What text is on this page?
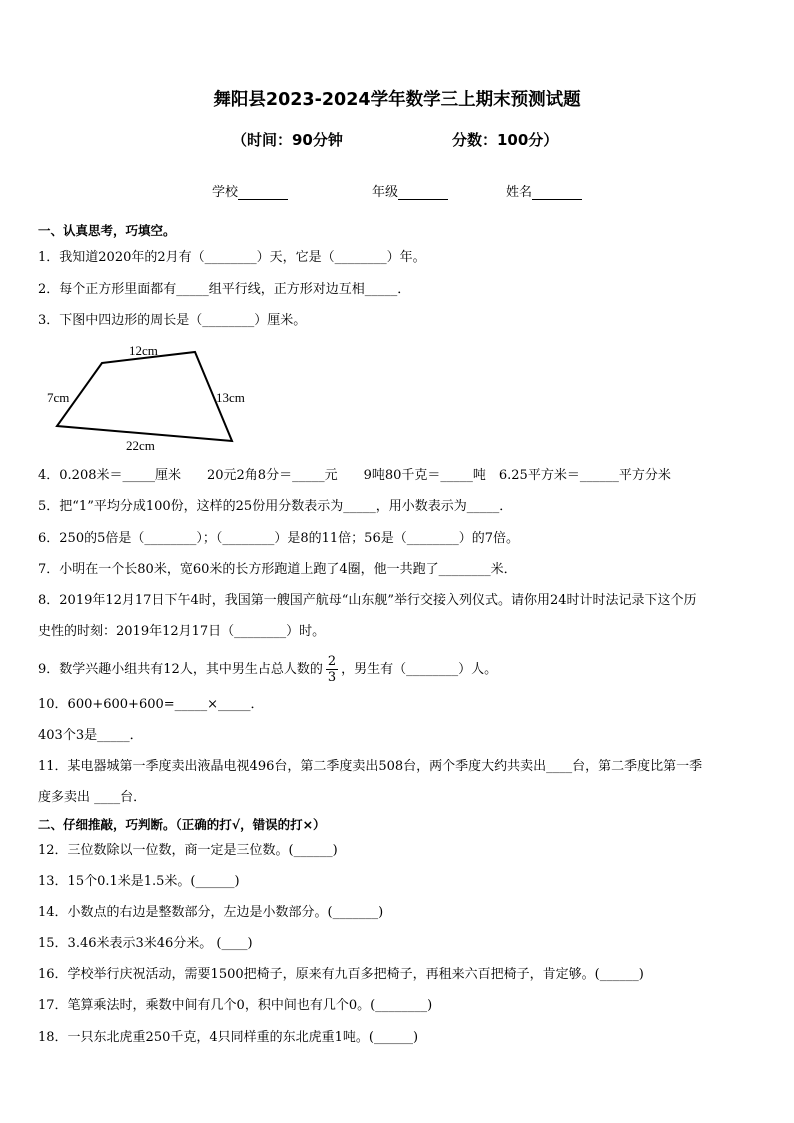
舞阳县2023-2024学年数学三上期末预测试题
（时间：90分钟	分数：100分）
学校	年级	姓名
一、认真思考，巧填空。
1．我知道2020年的2月有（________）天，它是（________）年。
2．每个正方形里面都有_____组平行线，正方形对边互相_____．
3．下图中四边形的周长是（________）厘米。
12cm
7cm	13cm
22cm
4．0.208米＝_____厘米　　20元2角8分＝_____元　　9吨80千克＝_____吨　6.25平方米＝______平方分米
5．把“1”平均分成100份，这样的25份用分数表示为_____，用小数表示为_____．
6．250的5倍是（________）；（________）是8的11倍；56是（________）的7倍。
7．小明在一个长80米，宽60米的长方形跑道上跑了4圈，他一共跑了________米．
8．2019年12月17日下午4时，我国第一艘国产航母“山东舰”举行交接入列仪式。请你用24时计时法记录下这个历
史性的时刻：2019年12月17日（________）时。
9．数学兴趣小组共有12人，其中男生占总人数的 $\frac{2}{3}$ ，男生有（________）人。
10．600+600+600=_____×_____．
403个3是_____．
11．某电器城第一季度卖出液晶电视496台，第二季度卖出508台，两个季度大约共卖出____台，第二季度比第一季
度多卖出 ____台．
二、仔细推敲，巧判断。（正确的打√，错误的打×）
12．三位数除以一位数，商一定是三位数。(______)
13．15个0.1米是1.5米。(______)
14．小数点的右边是整数部分，左边是小数部分。(_______)
15．3.46米表示3米46分米。 (____)
16．学校举行庆祝活动，需要1500把椅子，原来有九百多把椅子，再租来六百把椅子，肯定够。(______)
17．笔算乘法时，乘数中间有几个0，积中间也有几个0。(________)
18．一只东北虎重250千克，4只同样重的东北虎重1吨。(______)
